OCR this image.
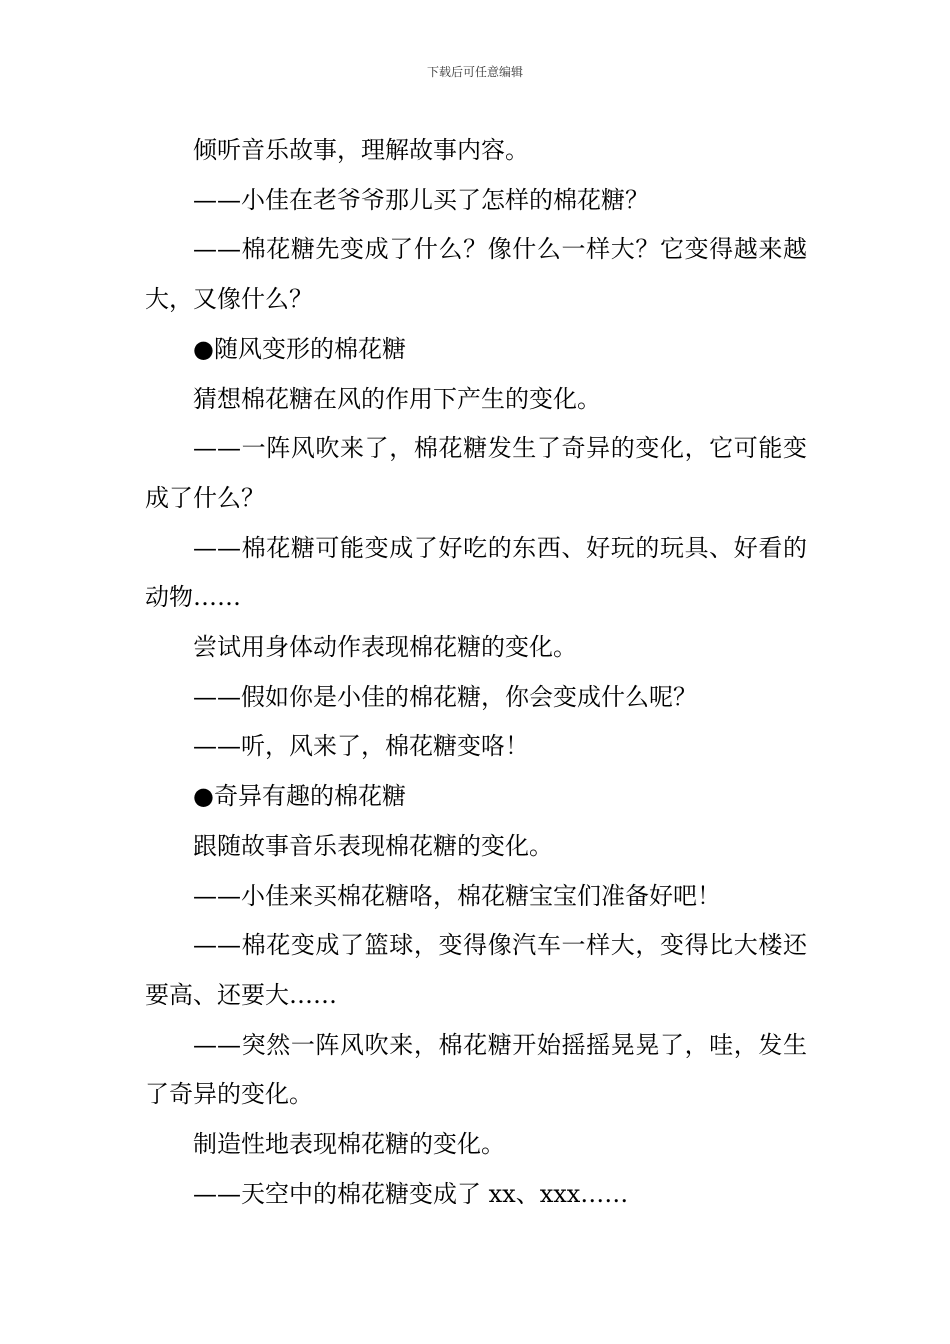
下载后可任意编辑

倾听音乐故事，理解故事内容。

——小佳在老爷爷那儿买了怎样的棉花糖？

——棉花糖先变成了什么？像什么一样大？它变得越来越大，又像什么？

●随风变形的棉花糖

猜想棉花糖在风的作用下产生的变化。

——一阵风吹来了，棉花糖发生了奇异的变化，它可能变成了什么？

——棉花糖可能变成了好吃的东西、好玩的玩具、好看的动物……

尝试用身体动作表现棉花糖的变化。

——假如你是小佳的棉花糖，你会变成什么呢？

——听，风来了，棉花糖变咯！

●奇异有趣的棉花糖

跟随故事音乐表现棉花糖的变化。

——小佳来买棉花糖咯，棉花糖宝宝们准备好吧！

——棉花变成了篮球，变得像汽车一样大，变得比大楼还要高、还要大……

——突然一阵风吹来，棉花糖开始摇摇晃晃了，哇，发生了奇异的变化。

制造性地表现棉花糖的变化。

——天空中的棉花糖变成了 xx、xxx……
